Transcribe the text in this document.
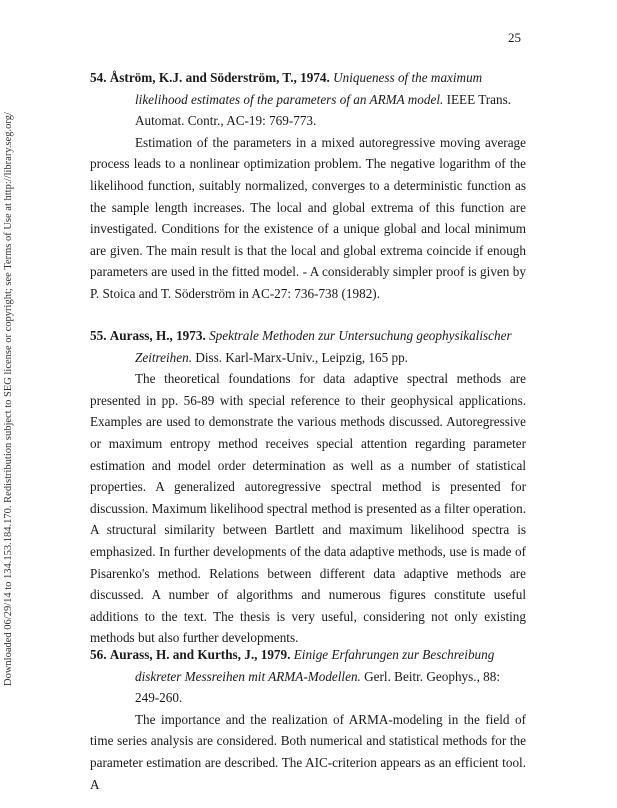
25
Downloaded 06/29/14 to 134.153.184.170. Redistribution subject to SEG license or copyright; see Terms of Use at http://library.seg.org/
54. Åström, K.J. and Söderström, T., 1974. Uniqueness of the maximum likelihood estimates of the parameters of an ARMA model. IEEE Trans. Automat. Contr., AC-19: 769-773.

Estimation of the parameters in a mixed autoregressive moving average process leads to a nonlinear optimization problem. The negative logarithm of the likelihood function, suitably normalized, converges to a deterministic function as the sample length increases. The local and global extrema of this function are investigated. Conditions for the existence of a unique global and local minimum are given. The main result is that the local and global extrema coincide if enough parameters are used in the fitted model. - A considerably simpler proof is given by P. Stoica and T. Söderström in AC-27: 736-738 (1982).

55. Aurass, H., 1973. Spektrale Methoden zur Untersuchung geophysikalischer Zeitreihen. Diss. Karl-Marx-Univ., Leipzig, 165 pp.

The theoretical foundations for data adaptive spectral methods are presented in pp. 56-89 with special reference to their geophysical applications. Examples are used to demonstrate the various methods discussed. Autoregressive or maximum entropy method receives special attention regarding parameter estimation and model order determination as well as a number of statistical properties. A generalized autoregressive spectral method is presented for discussion. Maximum likelihood spectral method is presented as a filter operation. A structural similarity between Bartlett and maximum likelihood spectra is emphasized. In further developments of the data adaptive methods, use is made of Pisarenko's method. Relations between different data adaptive methods are discussed. A number of algorithms and numerous figures constitute useful additions to the text. The thesis is very useful, considering not only existing methods but also further developments.

56. Aurass, H. and Kurths, J., 1979. Einige Erfahrungen zur Beschreibung diskreter Messreihen mit ARMA-Modellen. Gerl. Beitr. Geophys., 88: 249-260.

The importance and the realization of ARMA-modeling in the field of time series analysis are considered. Both numerical and statistical methods for the parameter estimation are described. The AIC-criterion appears as an efficient tool. A
